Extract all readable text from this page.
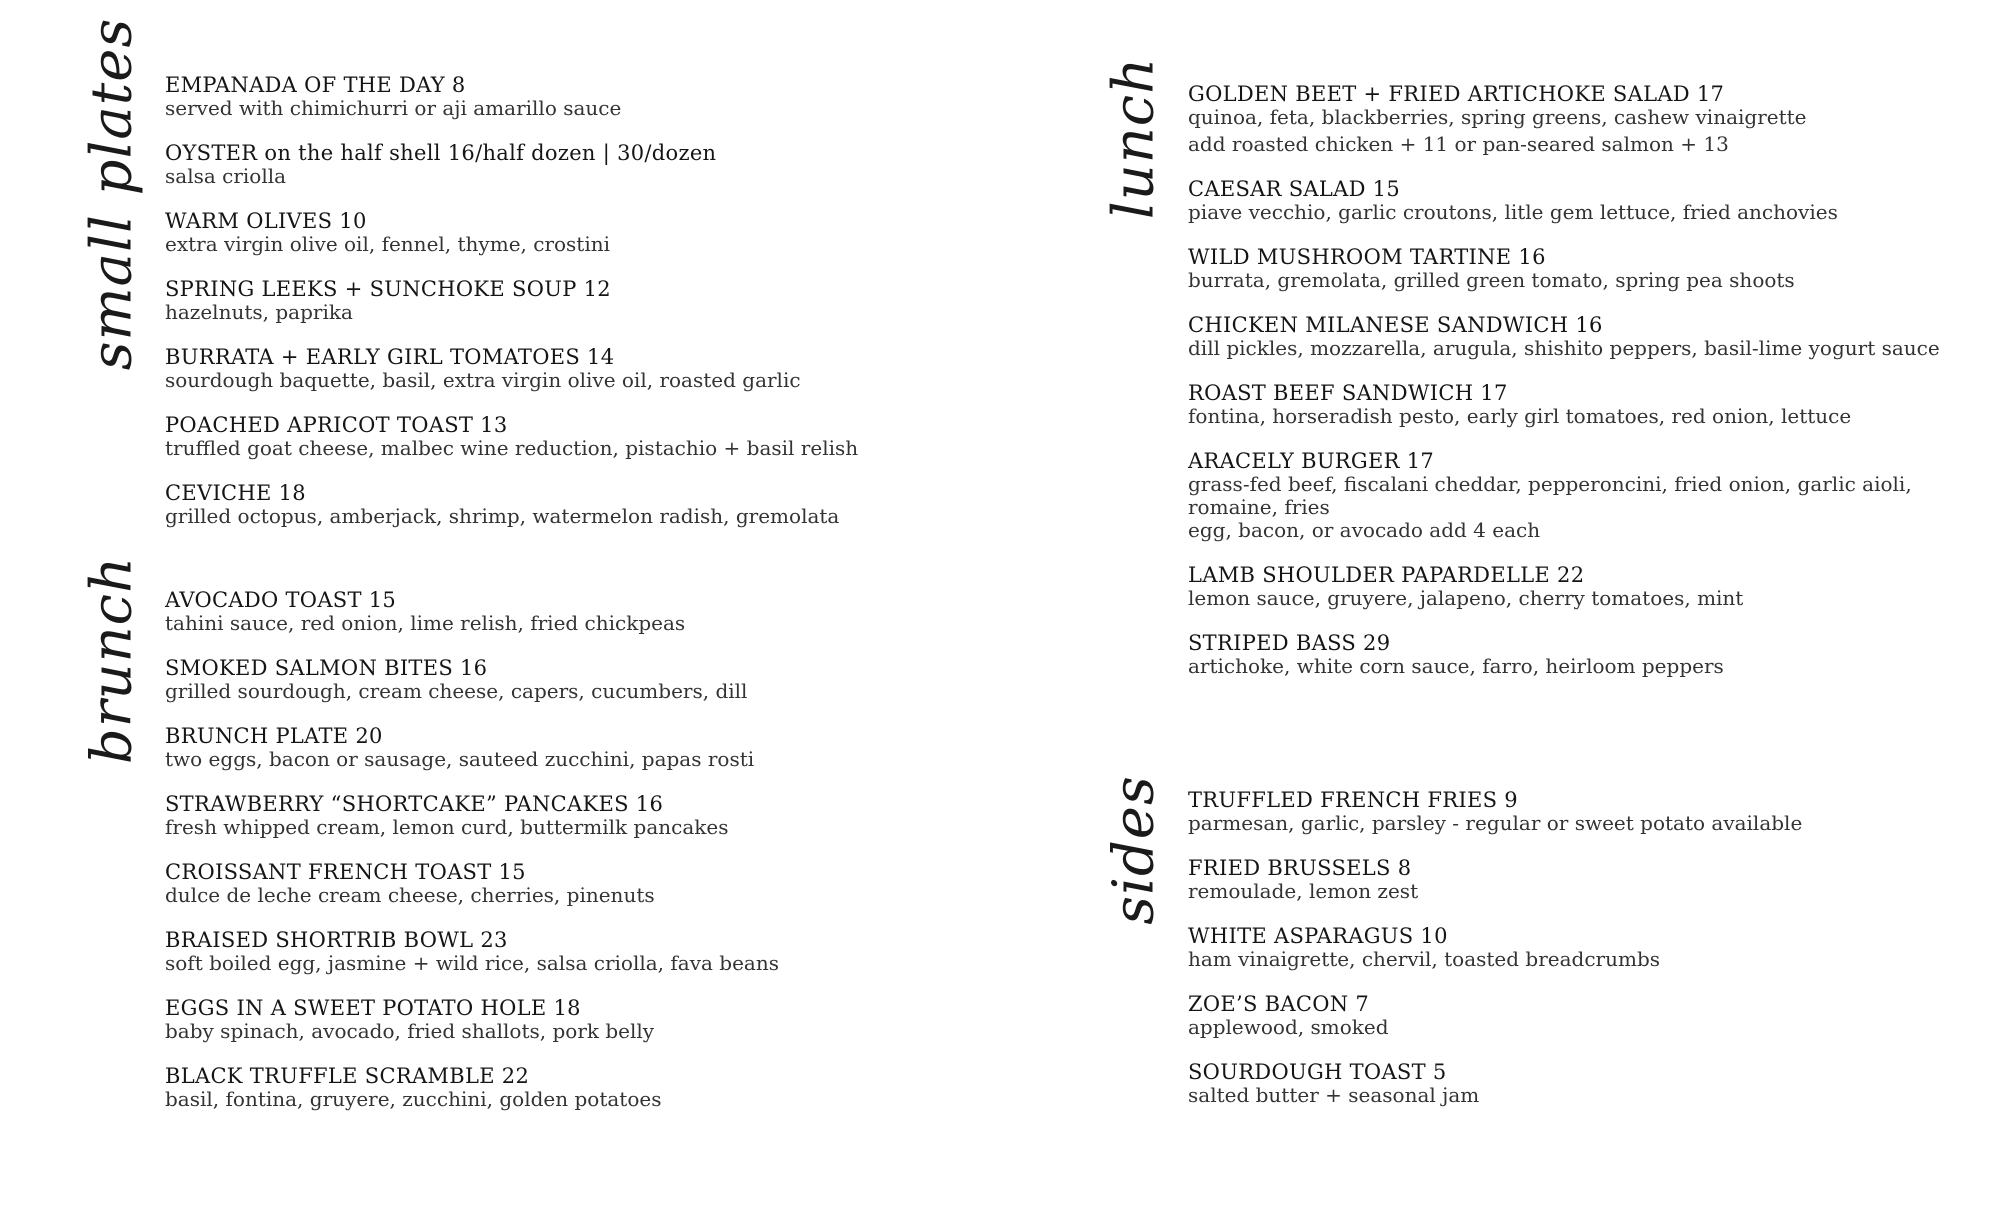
small plates
brunch
lunch
sides
EMPANADA OF THE DAY 8
served with chimichurri or aji amarillo sauce
OYSTER on the half shell 16/half dozen | 30/dozen
salsa criolla
WARM OLIVES 10
extra virgin olive oil, fennel, thyme, crostini
SPRING LEEKS + SUNCHOKE SOUP 12
hazelnuts, paprika
BURRATA + EARLY GIRL TOMATOES 14
sourdough baquette, basil, extra virgin olive oil, roasted garlic
POACHED APRICOT TOAST 13
truffled goat cheese, malbec wine reduction, pistachio + basil relish
CEVICHE 18
grilled octopus, amberjack, shrimp, watermelon radish, gremolata
AVOCADO TOAST 15
tahini sauce, red onion, lime relish, fried chickpeas
SMOKED SALMON BITES 16
grilled sourdough, cream cheese, capers, cucumbers, dill
BRUNCH PLATE 20
two eggs, bacon or sausage, sauteed zucchini, papas rosti
STRAWBERRY “SHORTCAKE” PANCAKES 16
fresh whipped cream, lemon curd, buttermilk pancakes
CROISSANT FRENCH TOAST 15
dulce de leche cream cheese, cherries, pinenuts
BRAISED SHORTRIB BOWL 23
soft boiled egg, jasmine + wild rice, salsa criolla, fava beans
EGGS IN A SWEET POTATO HOLE 18
baby spinach, avocado, fried shallots, pork belly
BLACK TRUFFLE SCRAMBLE 22
basil, fontina, gruyere, zucchini, golden potatoes
GOLDEN BEET + FRIED ARTICHOKE SALAD 17
quinoa, feta, blackberries, spring greens, cashew vinaigrette
add roasted chicken + 11 or pan-seared salmon + 13
CAESAR SALAD 15
piave vecchio, garlic croutons, litle gem lettuce, fried anchovies
WILD MUSHROOM TARTINE 16
burrata, gremolata, grilled green tomato, spring pea shoots
CHICKEN MILANESE SANDWICH 16
dill pickles, mozzarella, arugula, shishito peppers, basil-lime yogurt sauce
ROAST BEEF SANDWICH 17
fontina, horseradish pesto, early girl tomatoes, red onion, lettuce
ARACELY BURGER 17
grass-fed beef, fiscalani cheddar, pepperoncini, fried onion, garlic aioli, romaine, fries
egg, bacon, or avocado add 4 each
LAMB SHOULDER PAPARDELLE 22
lemon sauce, gruyere, jalapeno, cherry tomatoes, mint
STRIPED BASS 29
artichoke, white corn sauce, farro, heirloom peppers
TRUFFLED FRENCH FRIES 9
parmesan, garlic, parsley - regular or sweet potato available
FRIED BRUSSELS 8
remoulade, lemon zest
WHITE ASPARAGUS 10
ham vinaigrette, chervil, toasted breadcrumbs
ZOE’S BACON 7
applewood, smoked
SOURDOUGH TOAST 5
salted butter + seasonal jam
